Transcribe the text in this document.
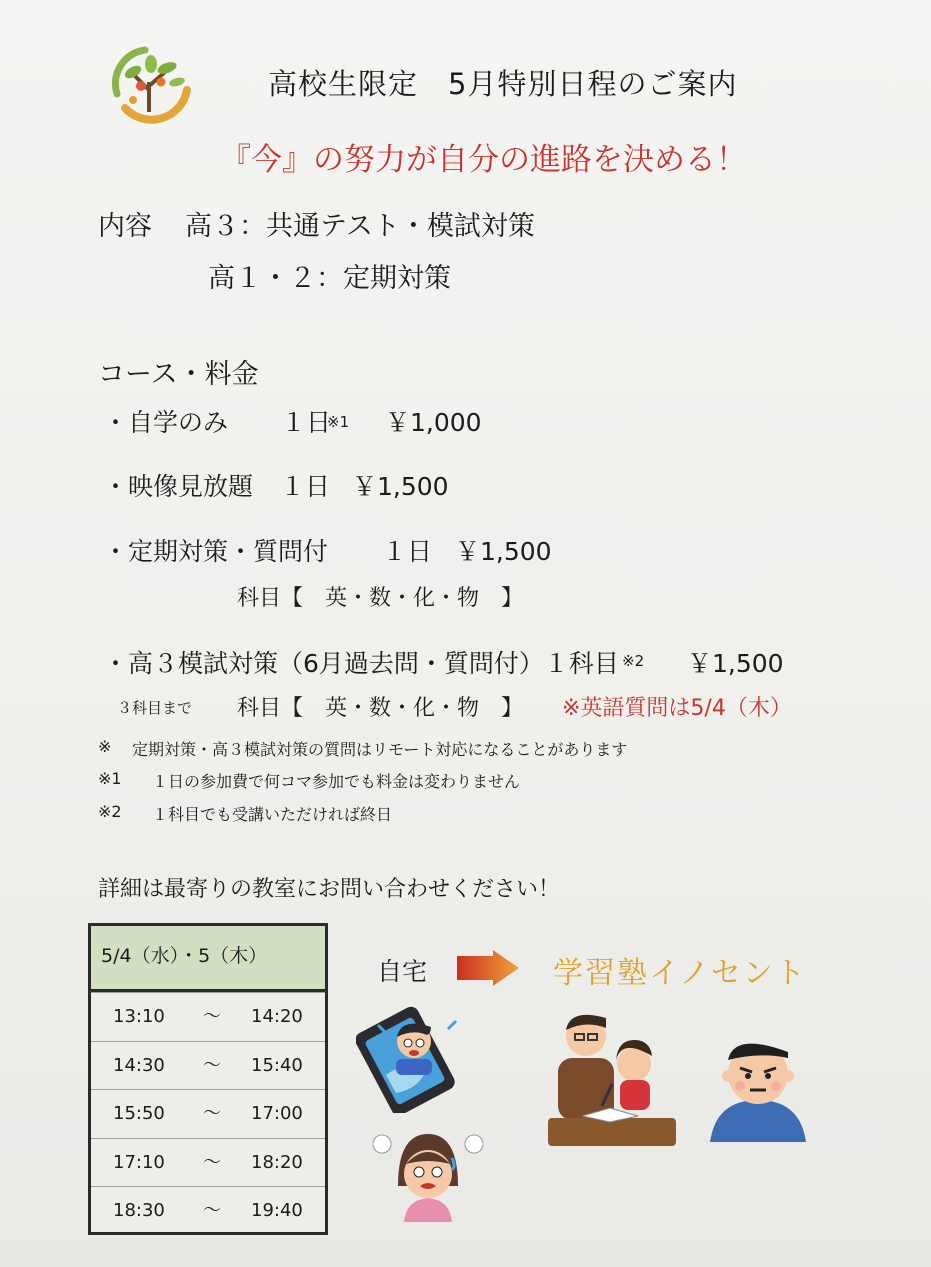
高校生限定　5月特別日程のご案内
『今』の努力が自分の進路を決める！
内容 高３：共通テスト・模試対策
高１・２：定期対策
コース・料金
・自学のみ １日
※1 ￥1,000
・映像見放題 １日 ￥1,500
・定期対策・質問付 １日 ￥1,500
科目【　英・数・化・物　】
・高３模試対策（6月過去問・質問付）１科目 ※2 ￥1,500
３科目まで 科目【　英・数・化・物　】 ※英語質問は5/4（木）
※ 定期対策・高３模試対策の質問はリモート対応になることがあります
※1 １日の参加費で何コマ参加でも料金は変わりません
※2 １科目でも受講いただければ終日
詳細は最寄りの教室にお問い合わせください！
5/4（水）・5（木）
13:10 ～ 14:20
14:30 ～ 15:40
15:50 ～ 17:00
17:10 ～ 18:20
18:30 ～ 19:40
自宅	学習塾イノセント
